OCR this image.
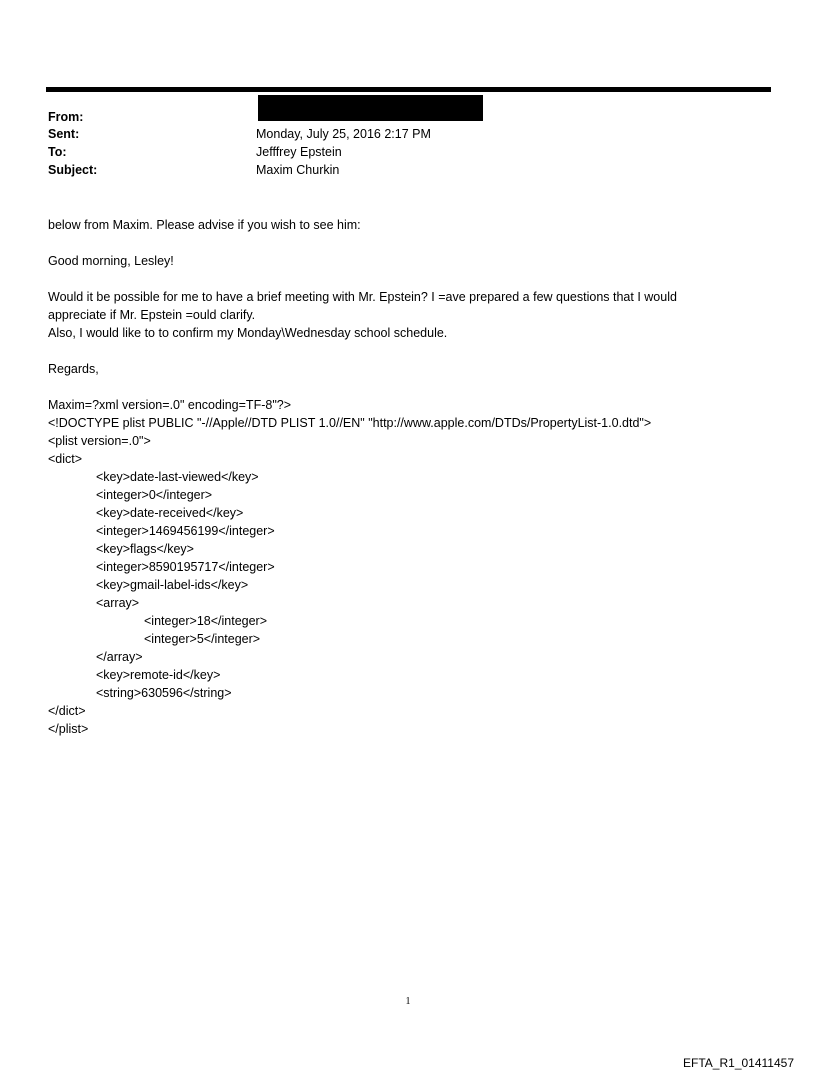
From:
Sent:	Monday, July 25, 2016 2:17 PM
To:	Jefffrey Epstein
Subject:	Maxim Churkin
below from Maxim. Please advise if you wish to see him:
Good morning, Lesley!
Would it be possible for me to have a brief meeting with Mr. Epstein? I =ave prepared a few questions that I would
appreciate if Mr. Epstein =ould clarify.
Also, I would like to to confirm my Monday\Wednesday school schedule.
Regards,
Maxim=?xml version=.0" encoding=TF-8"?>
<!DOCTYPE plist PUBLIC "-//Apple//DTD PLIST 1.0//EN" "http://www.apple.com/DTDs/PropertyList-1.0.dtd">
<plist version=.0">
<dict>
<key>date-last-viewed</key>
<integer>0</integer>
<key>date-received</key>
<integer>1469456199</integer>
<key>flags</key>
<integer>8590195717</integer>
<key>gmail-label-ids</key>
<array>
<integer>18</integer>
<integer>5</integer>
</array>
<key>remote-id</key>
<string>630596</string>
</dict>
</plist>
1
EFTA_R1_01411457
